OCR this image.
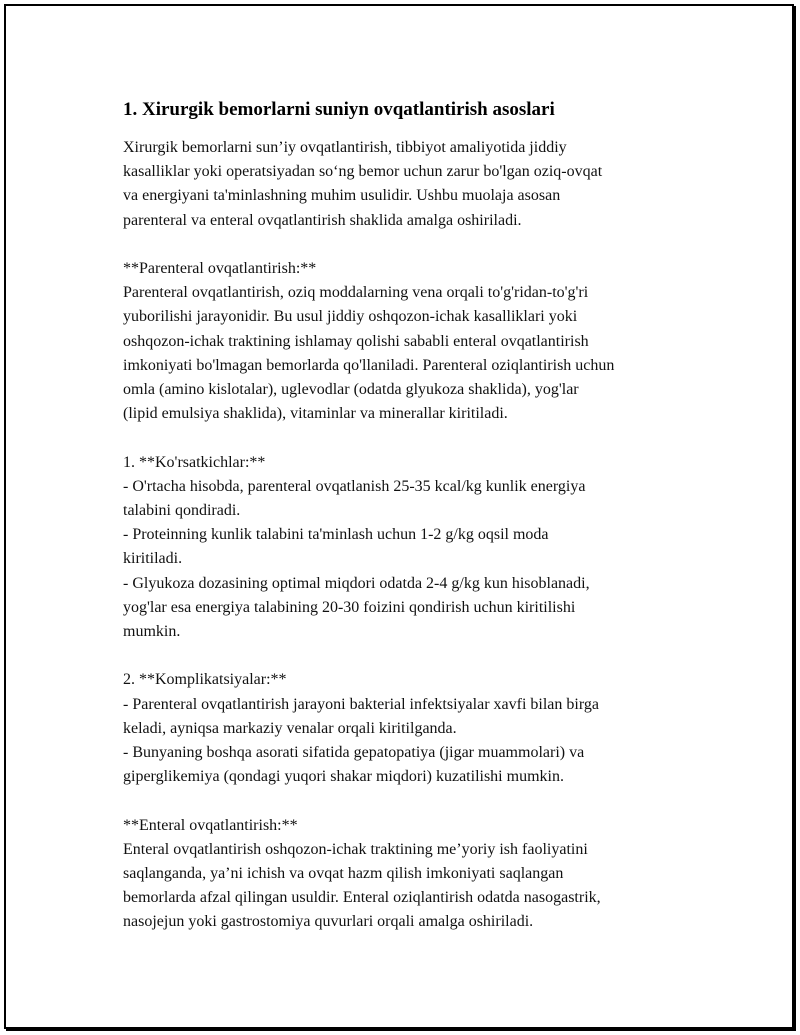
1. Xirurgik bemorlarni suniyn ovqatlantirish asoslari

Xirurgik bemorlarni sun’iy ovqatlantirish, tibbiyot amaliyotida jiddiy
kasalliklar yoki operatsiyadan so‘ng bemor uchun zarur bo'lgan oziq-ovqat
va energiyani ta'minlashning muhim usulidir. Ushbu muolaja asosan
parenteral va enteral ovqatlantirish shaklida amalga oshiriladi.

**Parenteral ovqatlantirish:**

Parenteral ovqatlantirish, oziq moddalarning vena orqali to'g'ridan-to'g'ri
yuborilishi jarayonidir. Bu usul jiddiy oshqozon-ichak kasalliklari yoki
oshqozon-ichak traktining ishlamay qolishi sababli enteral ovqatlantirish
imkoniyati bo'lmagan bemorlarda qo'llaniladi. Parenteral oziqlantirish uchun
omla (amino kislotalar), uglevodlar (odatda glyukoza shaklida), yog'lar
(lipid emulsiya shaklida), vitaminlar va minerallar kiritiladi.

1. **Ko'rsatkichlar:**

- O'rtacha hisobda, parenteral ovqatlanish 25-35 kcal/kg kunlik energiya
talabini qondiradi.
- Proteinning kunlik talabini ta'minlash uchun 1-2 g/kg oqsil moda
kiritiladi.
- Glyukoza dozasining optimal miqdori odatda 2-4 g/kg kun hisoblanadi,
yog'lar esa energiya talabining 20-30 foizini qondirish uchun kiritilishi
mumkin.

2. **Komplikatsiyalar:**

- Parenteral ovqatlantirish jarayoni bakterial infektsiyalar xavfi bilan birga
keladi, ayniqsa markaziy venalar orqali kiritilganda.
- Bunyaning boshqa asorati sifatida gepatopatiya (jigar muammolari) va
giperglikemiya (qondagi yuqori shakar miqdori) kuzatilishi mumkin.

**Enteral ovqatlantirish:**

Enteral ovqatlantirish oshqozon-ichak traktining me’yoriy ish faoliyatini
saqlanganda, ya’ni ichish va ovqat hazm qilish imkoniyati saqlangan
bemorlarda afzal qilingan usuldir. Enteral oziqlantirish odatda nasogastrik,
nasojejun yoki gastrostomiya quvurlari orqali amalga oshiriladi.
